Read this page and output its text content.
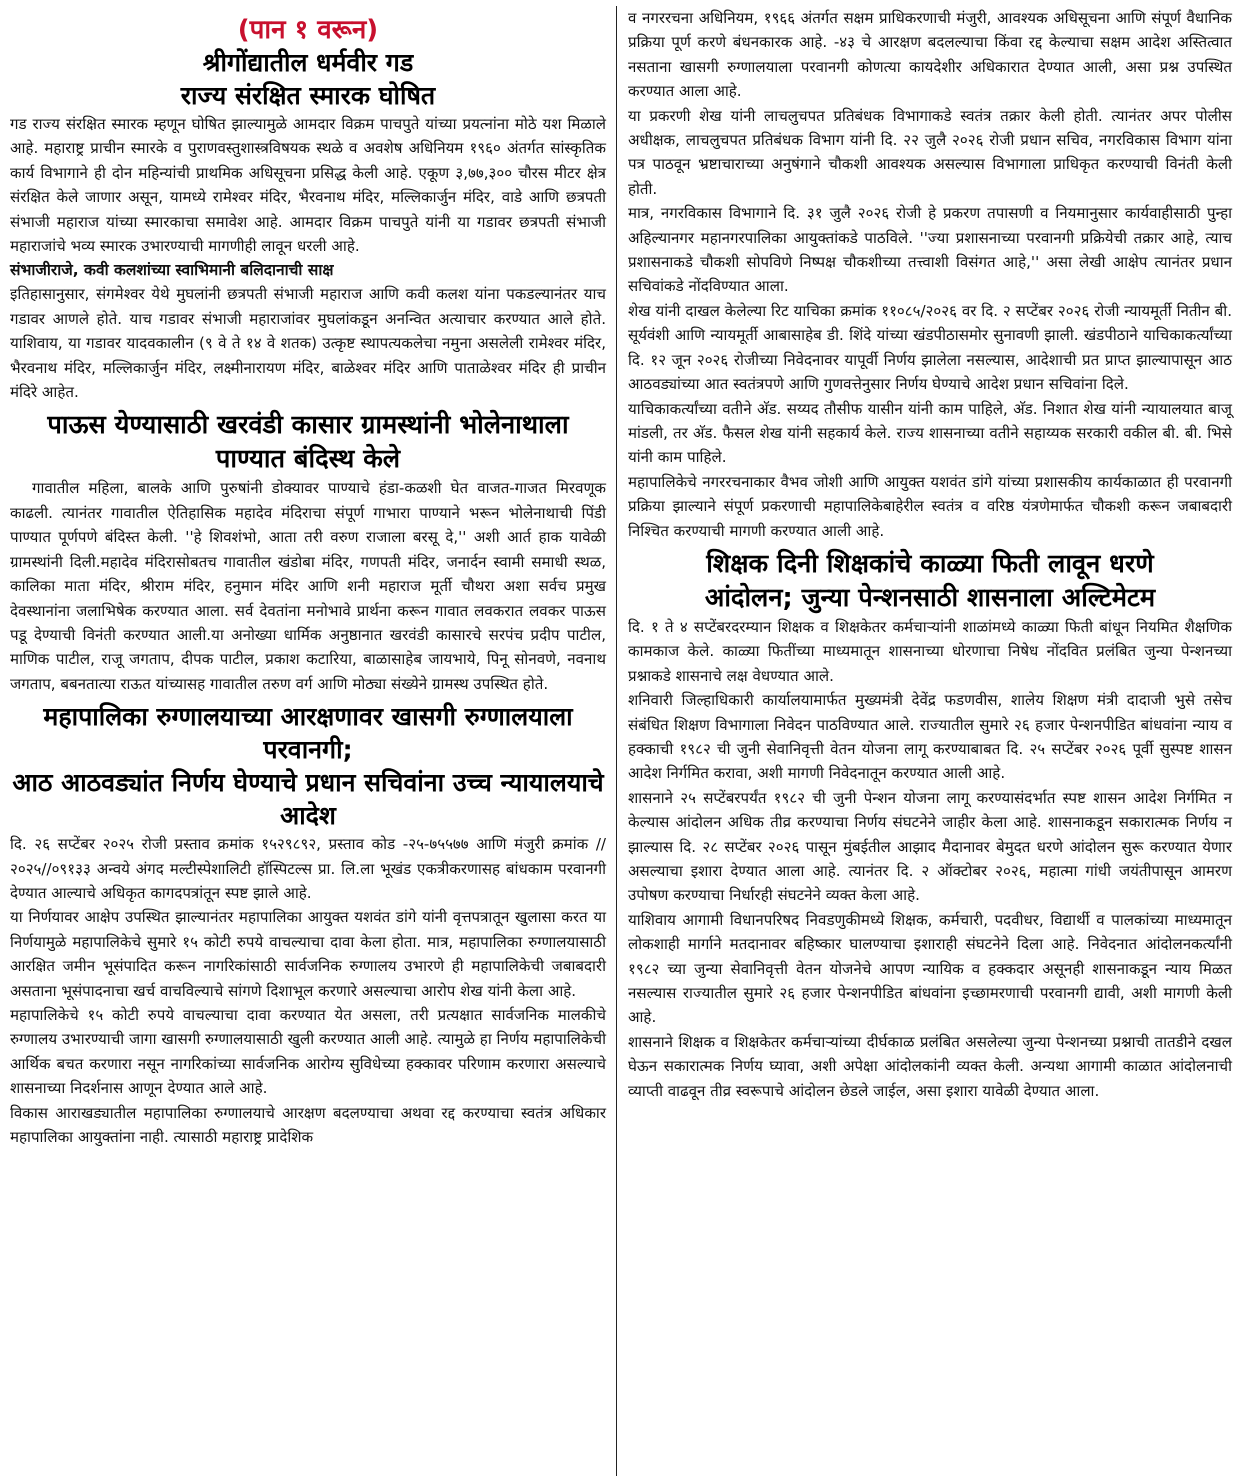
(पान १ वरून)

श्रीगोंद्यातील धर्मवीर गड

राज्य संरक्षित स्मारक घोषित

गड राज्य संरक्षित स्मारक म्हणून घोषित झाल्यामुळे आमदार विक्रम पाचपुते यांच्या प्रयत्नांना मोठे यश मिळाले आहे. महाराष्ट्र प्राचीन स्मारके व पुराणवस्तुशास्त्रविषयक स्थळे व अवशेष अधिनियम १९६० अंतर्गत सांस्कृतिक कार्य विभागाने ही दोन महिन्यांची प्राथमिक अधिसूचना प्रसिद्ध केली आहे. एकूण ३,७७,३०० चौरस मीटर क्षेत्र संरक्षित केले जाणार असून, यामध्ये रामेश्वर मंदिर, भैरवनाथ मंदिर, मल्लिकार्जुन मंदिर, वाडे आणि छत्रपती संभाजी महाराज यांच्या स्मारकाचा समावेश आहे. आमदार विक्रम पाचपुते यांनी या गडावर छत्रपती संभाजी महाराजांचे भव्य स्मारक उभारण्याची मागणीही लावून धरली आहे.

संभाजीराजे, कवी कलशांच्या स्वाभिमानी बलिदानाची साक्ष

इतिहासानुसार, संगमेश्वर येथे मुघलांनी छत्रपती संभाजी महाराज आणि कवी कलश यांना पकडल्यानंतर याच गडावर आणले होते. याच गडावर संभाजी महाराजांवर मुघलांकडून अनन्वित अत्याचार करण्यात आले होते. याशिवाय, या गडावर यादवकालीन (९ वे ते १४ वे शतक) उत्कृष्ट स्थापत्यकलेचा नमुना असलेली रामेश्वर मंदिर, भैरवनाथ मंदिर, मल्लिकार्जुन मंदिर, लक्ष्मीनारायण मंदिर, बाळेश्वर मंदिर आणि पाताळेश्वर मंदिर ही प्राचीन मंदिरे आहेत.

पाऊस येण्यासाठी खरवंडी कासार ग्रामस्थांनी भोलेनाथाला

पाण्यात बंदिस्थ केले

गावातील महिला, बालके आणि पुरुषांनी डोक्यावर पाण्याचे हंडा-कळशी घेत वाजत-गाजत मिरवणूक काढली. त्यानंतर गावातील ऐतिहासिक महादेव मंदिराचा संपूर्ण गाभारा पाण्याने भरून भोलेनाथाची पिंडी पाण्यात पूर्णपणे बंदिस्त केली. ''हे शिवशंभो, आता तरी वरुण राजाला बरसू दे,'' अशी आर्त हाक यावेळी ग्रामस्थांनी दिली.महादेव मंदिरासोबतच गावातील खंडोबा मंदिर, गणपती मंदिर, जनार्दन स्वामी समाधी स्थळ, कालिका माता मंदिर, श्रीराम मंदिर, हनुमान मंदिर आणि शनी महाराज मूर्ती चौथरा अशा सर्वच प्रमुख देवस्थानांना जलाभिषेक करण्यात आला. सर्व देवतांना मनोभावे प्रार्थना करून गावात लवकरात लवकर पाऊस पडू देण्याची विनंती करण्यात आली.या अनोख्या धार्मिक अनुष्ठानात खरवंडी कासारचे सरपंच प्रदीप पाटील, माणिक पाटील, राजू जगताप, दीपक पाटील, प्रकाश कटारिया, बाळासाहेब जायभाये, पिनू सोनवणे, नवनाथ जगताप, बबनतात्या राऊत यांच्यासह गावातील तरुण वर्ग आणि मोठ्या संख्येने ग्रामस्थ उपस्थित होते.

महापालिका रुग्णालयाच्या आरक्षणावर खासगी रुग्णालयाला परवानगी;

आठ आठवड्यांत निर्णय घेण्याचे प्रधान सचिवांना उच्च न्यायालयाचे

आदेश

दि. २६ सप्टेंबर २०२५ रोजी प्रस्ताव क्रमांक १५२९८९२, प्रस्ताव कोड -२५-७५५७७ आणि मंजुरी क्रमांक //२०२५//०९१३३ अन्वये अंगद मल्टीस्पेशालिटी हॉस्पिटल्स प्रा. लि.ला भूखंड एकत्रीकरणासह बांधकाम परवानगी देण्यात आल्याचे अधिकृत कागदपत्रांतून स्पष्ट झाले आहे.

या निर्णयावर आक्षेप उपस्थित झाल्यानंतर महापालिका आयुक्त यशवंत डांगे यांनी वृत्तपत्रातून खुलासा करत या निर्णयामुळे महापालिकेचे सुमारे १५ कोटी रुपये वाचल्याचा दावा केला होता. मात्र, महापालिका रुग्णालयासाठी आरक्षित जमीन भूसंपादित करून नागरिकांसाठी सार्वजनिक रुग्णालय उभारणे ही महापालिकेची जबाबदारी असताना भूसंपादनाचा खर्च वाचविल्याचे सांगणे दिशाभूल करणारे असल्याचा आरोप शेख यांनी केला आहे.

महापालिकेचे १५ कोटी रुपये वाचल्याचा दावा करण्यात येत असला, तरी प्रत्यक्षात सार्वजनिक मालकीचे रुग्णालय उभारण्याची जागा खासगी रुग्णालयासाठी खुली करण्यात आली आहे. त्यामुळे हा निर्णय महापालिकेची आर्थिक बचत करणारा नसून नागरिकांच्या सार्वजनिक आरोग्य सुविधेच्या हक्कावर परिणाम करणारा असल्याचे शासनाच्या निदर्शनास आणून देण्यात आले आहे.

विकास आराखड्यातील महापालिका रुग्णालयाचे आरक्षण बदलण्याचा अथवा रद्द करण्याचा स्वतंत्र अधिकार महापालिका आयुक्तांना नाही. त्यासाठी महाराष्ट्र प्रादेशिक

व नगररचना अधिनियम, १९६६ अंतर्गत सक्षम प्राधिकरणाची मंजुरी, आवश्यक अधिसूचना आणि संपूर्ण वैधानिक प्रक्रिया पूर्ण करणे बंधनकारक आहे. -४३ चे आरक्षण बदलल्याचा किंवा रद्द केल्याचा सक्षम आदेश अस्तित्वात नसताना खासगी रुग्णालयाला परवानगी कोणत्या कायदेशीर अधिकारात देण्यात आली, असा प्रश्न उपस्थित करण्यात आला आहे.

या प्रकरणी शेख यांनी लाचलुचपत प्रतिबंधक विभागाकडे स्वतंत्र तक्रार केली होती. त्यानंतर अपर पोलीस अधीक्षक, लाचलुचपत प्रतिबंधक विभाग यांनी दि. २२ जुलै २०२६ रोजी प्रधान सचिव, नगरविकास विभाग यांना पत्र पाठवून भ्रष्टाचाराच्या अनुषंगाने चौकशी आवश्यक असल्यास विभागाला प्राधिकृत करण्याची विनंती केली होती.

मात्र, नगरविकास विभागाने दि. ३१ जुलै २०२६ रोजी हे प्रकरण तपासणी व नियमानुसार कार्यवाहीसाठी पुन्हा अहिल्यानगर महानगरपालिका आयुक्तांकडे पाठविले. ''ज्या प्रशासनाच्या परवानगी प्रक्रियेची तक्रार आहे, त्याच प्रशासनाकडे चौकशी सोपविणे निष्पक्ष चौकशीच्या तत्त्वाशी विसंगत आहे,'' असा लेखी आक्षेप त्यानंतर प्रधान सचिवांकडे नोंदविण्यात आला.

शेख यांनी दाखल केलेल्या रिट याचिका क्रमांक ११०८५/२०२६ वर दि. २ सप्टेंबर २०२६ रोजी न्यायमूर्ती नितीन बी. सूर्यवंशी आणि न्यायमूर्ती आबासाहेब डी. शिंदे यांच्या खंडपीठासमोर सुनावणी झाली. खंडपीठाने याचिकाकर्त्यांच्या दि. १२ जून २०२६ रोजीच्या निवेदनावर यापूर्वी निर्णय झालेला नसल्यास, आदेशाची प्रत प्राप्त झाल्यापासून आठ आठवड्यांच्या आत स्वतंत्रपणे आणि गुणवत्तेनुसार निर्णय घेण्याचे आदेश प्रधान सचिवांना दिले.

याचिकाकर्त्यांच्या वतीने अ‍ॅड. सय्यद तौसीफ यासीन यांनी काम पाहिले, अ‍ॅड. निशात शेख यांनी न्यायालयात बाजू मांडली, तर अ‍ॅड. फैसल शेख यांनी सहकार्य केले. राज्य शासनाच्या वतीने सहाय्यक सरकारी वकील बी. बी. भिसे यांनी काम पाहिले.

महापालिकेचे नगररचनाकार वैभव जोशी आणि आयुक्त यशवंत डांगे यांच्या प्रशासकीय कार्यकाळात ही परवानगी प्रक्रिया झाल्याने संपूर्ण प्रकरणाची महापालिकेबाहेरील स्वतंत्र व वरिष्ठ यंत्रणेमार्फत चौकशी करून जबाबदारी निश्चित करण्याची मागणी करण्यात आली आहे.

शिक्षक दिनी शिक्षकांचे काळ्या फिती लावून धरणे

आंदोलन; जुन्या पेन्शनसाठी शासनाला अल्टिमेटम

दि. १ ते ४ सप्टेंबरदरम्यान शिक्षक व शिक्षकेतर कर्मचाऱ्यांनी शाळांमध्ये काळ्या फिती बांधून नियमित शैक्षणिक कामकाज केले. काळ्या फितींच्या माध्यमातून शासनाच्या धोरणाचा निषेध नोंदवित प्रलंबित जुन्या पेन्शनच्या प्रश्नाकडे शासनाचे लक्ष वेधण्यात आले.

शनिवारी जिल्हाधिकारी कार्यालयामार्फत मुख्यमंत्री देवेंद्र फडणवीस, शालेय शिक्षण मंत्री दादाजी भुसे तसेच संबंधित शिक्षण विभागाला निवेदन पाठविण्यात आले. राज्यातील सुमारे २६ हजार पेन्शनपीडित बांधवांना न्याय व हक्काची १९८२ ची जुनी सेवानिवृत्ती वेतन योजना लागू करण्याबाबत दि. २५ सप्टेंबर २०२६ पूर्वी सुस्पष्ट शासन आदेश निर्गमित करावा, अशी मागणी निवेदनातून करण्यात आली आहे.

शासनाने २५ सप्टेंबरपर्यंत १९८२ ची जुनी पेन्शन योजना लागू करण्यासंदर्भात स्पष्ट शासन आदेश निर्गमित न केल्यास आंदोलन अधिक तीव्र करण्याचा निर्णय संघटनेने जाहीर केला आहे. शासनाकडून सकारात्मक निर्णय न झाल्यास दि. २८ सप्टेंबर २०२६ पासून मुंबईतील आझाद मैदानावर बेमुदत धरणे आंदोलन सुरू करण्यात येणार असल्याचा इशारा देण्यात आला आहे. त्यानंतर दि. २ ऑक्टोबर २०२६, महात्मा गांधी जयंतीपासून आमरण उपोषण करण्याचा निर्धारही संघटनेने व्यक्त केला आहे.

याशिवाय आगामी विधानपरिषद निवडणुकीमध्ये शिक्षक, कर्मचारी, पदवीधर, विद्यार्थी व पालकांच्या माध्यमातून लोकशाही मार्गाने मतदानावर बहिष्कार घालण्याचा इशाराही संघटनेने दिला आहे. निवेदनात आंदोलनकर्त्यांनी १९८२ च्या जुन्या सेवानिवृत्ती वेतन योजनेचे आपण न्यायिक व हक्कदार असूनही शासनाकडून न्याय मिळत नसल्यास राज्यातील सुमारे २६ हजार पेन्शनपीडित बांधवांना इच्छामरणाची परवानगी द्यावी, अशी मागणी केली आहे.

शासनाने शिक्षक व शिक्षकेतर कर्मचाऱ्यांच्या दीर्घकाळ प्रलंबित असलेल्या जुन्या पेन्शनच्या प्रश्नाची तातडीने दखल घेऊन सकारात्मक निर्णय घ्यावा, अशी अपेक्षा आंदोलकांनी व्यक्त केली. अन्यथा आगामी काळात आंदोलनाची व्याप्ती वाढवून तीव्र स्वरूपाचे आंदोलन छेडले जाईल, असा इशारा यावेळी देण्यात आला.
